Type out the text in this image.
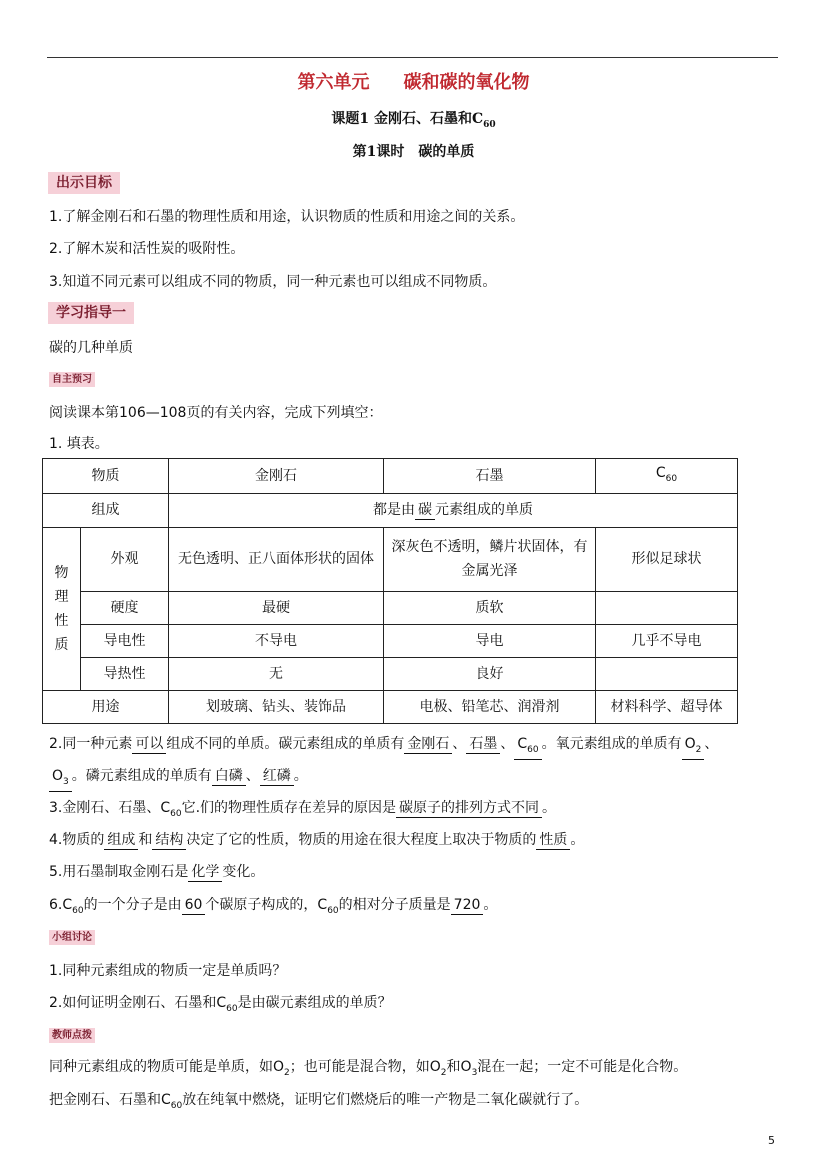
第六单元 碳和碳的氧化物
课题1 金刚石、石墨和$C_{60}$
第1课时 碳的单质
出示目标
1.了解金刚石和石墨的物理性质和用途，认识物质的性质和用途之间的关系。
2.了解木炭和活性炭的吸附性。
3.知道不同元素可以组成不同的物质，同一种元素也可以组成不同物质。
学习指导一
碳的几种单质
自主预习
阅读课本第106—108页的有关内容，完成下列填空：
1. 填表。
物质		金刚石	石墨	$C_{60}$
组成		都是由 碳 元素组成的单质		
物
理
性
质	外观	无色透明、正八面体形状的固体	深灰色不透明，鳞片状固体，有金属光泽	形似足球状
	硬度	最硬	质软	
	导电性	不导电	导电	几乎不导电
	导热性	无	良好	
用途		划玻璃、钻头、装饰品	电极、铅笔芯、润滑剂	材料科学、超导体
2.同一种元素 可以 组成不同的单质。碳元素组成的单质有 金刚石 、 石墨 、 $C_{60}$ 。氧元素组成的单质有 $O_2$ 、
$O_3$ 。磷元素组成的单质有 白磷 、 红磷 。
3.金刚石、石墨、$C_{60}$它.们的物理性质存在差异的原因是 碳原子的排列方式不同 。
4.物质的 组成 和 结构 决定了它的性质，物质的用途在很大程度上取决于物质的 性质 。
5.用石墨制取金刚石是 化学 变化。
$6.C_{60}$的一个分子是由 60 个碳原子构成的，$C_{60}$的相对分子质量是 720 。
小组讨论
1.同种元素组成的物质一定是单质吗？
2.如何证明金刚石、石墨和$C_{60}$是由碳元素组成的单质？
教师点拨
同种元素组成的物质可能是单质，如$O_2$；也可能是混合物，如$O_2$和$O_3$混在一起；一定不可能是化合物。
把金刚石、石墨和$C_{60}$放在纯氧中燃烧，证明它们燃烧后的唯一产物是二氧化碳就行了。
5
